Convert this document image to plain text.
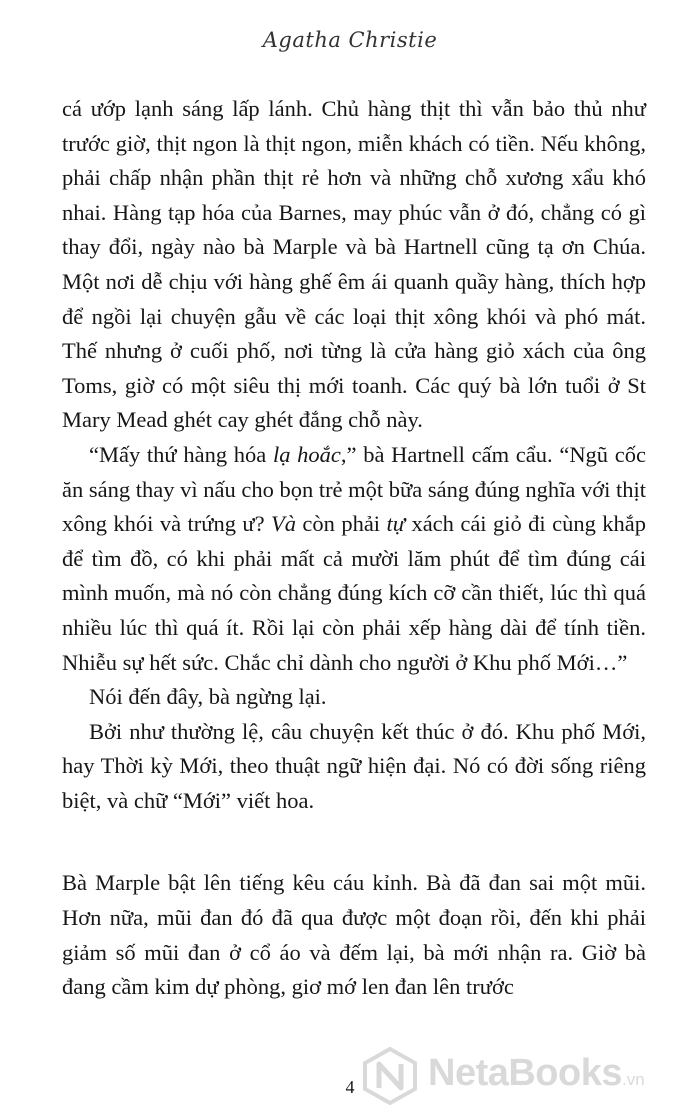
Agatha Christie

cá ướp lạnh sáng lấp lánh. Chủ hàng thịt thì vẫn bảo thủ như trước giờ, thịt ngon là thịt ngon, miễn khách có tiền. Nếu không, phải chấp nhận phần thịt rẻ hơn và những chỗ xương xẩu khó nhai. Hàng tạp hóa của Barnes, may phúc vẫn ở đó, chẳng có gì thay đổi, ngày nào bà Marple và bà Hartnell cũng tạ ơn Chúa. Một nơi dễ chịu với hàng ghế êm ái quanh quầy hàng, thích hợp để ngồi lại chuyện gẫu về các loại thịt xông khói và phó mát. Thế nhưng ở cuối phố, nơi từng là cửa hàng giỏ xách của ông Toms, giờ có một siêu thị mới toanh. Các quý bà lớn tuổi ở St Mary Mead ghét cay ghét đắng chỗ này.

“Mấy thứ hàng hóa lạ hoắc,” bà Hartnell cấm cẩu. “Ngũ cốc ăn sáng thay vì nấu cho bọn trẻ một bữa sáng đúng nghĩa với thịt xông khói và trứng ư? Và còn phải tự xách cái giỏ đi cùng khắp để tìm đồ, có khi phải mất cả mười lăm phút để tìm đúng cái mình muốn, mà nó còn chẳng đúng kích cỡ cần thiết, lúc thì quá nhiều lúc thì quá ít. Rồi lại còn phải xếp hàng dài để tính tiền. Nhiễu sự hết sức. Chắc chỉ dành cho người ở Khu phố Mới…”

Nói đến đây, bà ngừng lại.

Bởi như thường lệ, câu chuyện kết thúc ở đó. Khu phố Mới, hay Thời kỳ Mới, theo thuật ngữ hiện đại. Nó có đời sống riêng biệt, và chữ “Mới” viết hoa.

Bà Marple bật lên tiếng kêu cáu kỉnh. Bà đã đan sai một mũi. Hơn nữa, mũi đan đó đã qua được một đoạn rồi, đến khi phải giảm số mũi đan ở cổ áo và đếm lại, bà mới nhận ra. Giờ bà đang cầm kim dự phòng, giơ mớ len đan lên trước

4	NetaBooks.vn
